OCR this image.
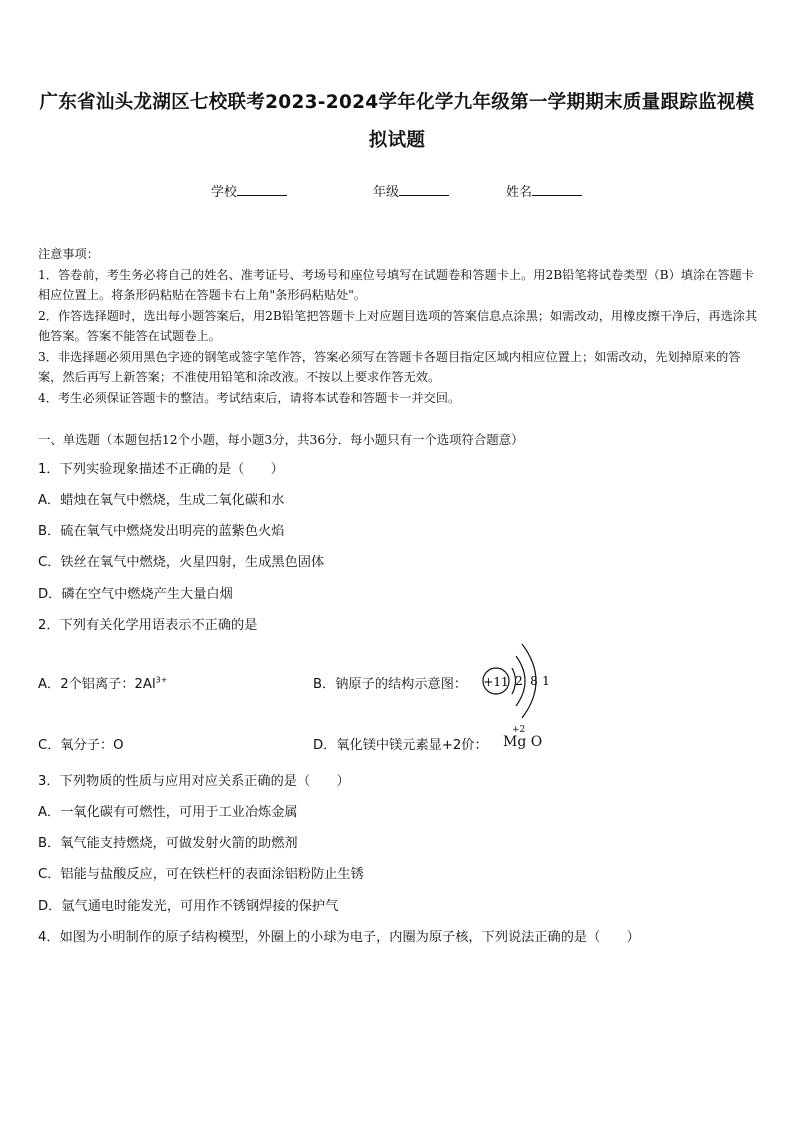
广东省汕头龙湖区七校联考2023-2024学年化学九年级第一学期期末质量跟踪监视模
拟试题
学校	年级	姓名

注意事项：

1．答卷前，考生务必将自己的姓名、准考证号、考场号和座位号填写在试题卷和答题卡上。用2B铅笔将试卷类型（B）填涂在答题卡相应位置上。将条形码粘贴在答题卡右上角"条形码粘贴处"。

2．作答选择题时，选出每小题答案后，用2B铅笔把答题卡上对应题目选项的答案信息点涂黑；如需改动，用橡皮擦干净后，再选涂其他答案。答案不能答在试题卷上。

3．非选择题必须用黑色字迹的钢笔或签字笔作答，答案必须写在答题卡各题目指定区域内相应位置上；如需改动，先划掉原来的答案，然后再写上新答案；不准使用铅笔和涂改液。不按以上要求作答无效。

4．考生必须保证答题卡的整洁。考试结束后，请将本试卷和答题卡一并交回。

一、单选题（本题包括12个小题，每小题3分，共36分．每小题只有一个选项符合题意）
1．下列实验现象描述不正确的是（　　）
A．蜡烛在氧气中燃烧，生成二氧化碳和水
B．硫在氧气中燃烧发出明亮的蓝紫色火焰
C．铁丝在氧气中燃烧，火星四射，生成黑色固体
D．磷在空气中燃烧产生大量白烟
2．下列有关化学用语表示不正确的是
A．2个铝离子：$2Al^{3+}$	B．钠原子的结构示意图： +11 2 8 1
C．氧分子：O	D．氧化镁中镁元素显+2价：
+2
Mg O
3．下列物质的性质与应用对应关系正确的是（　　）
A．一氧化碳有可燃性，可用于工业冶炼金属
B．氧气能支持燃烧，可做发射火箭的助燃剂
C．铝能与盐酸反应，可在铁栏杆的表面涂铝粉防止生锈
D．氩气通电时能发光，可用作不锈钢焊接的保护气
4．如图为小明制作的原子结构模型，外圈上的小球为电子，内圈为原子核，下列说法正确的是（　　）
